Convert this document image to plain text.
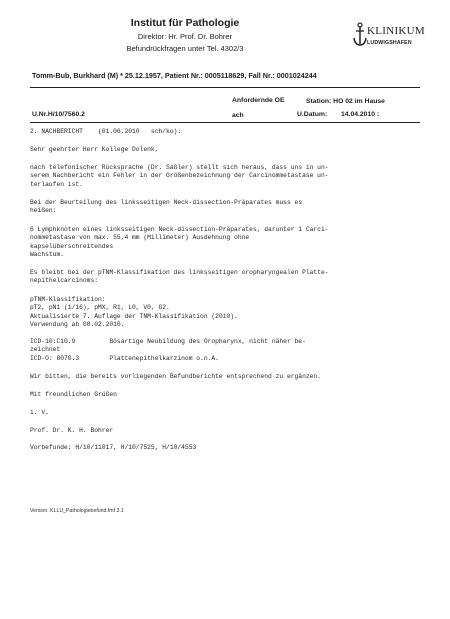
Institut für Pathologie
Direktor: Hr. Prof. Dr. Bohrer
Befundrückfragen unter Tel. 4302/3
KLINIKUM
LUDWIGSHAFEN
Tomm-Bub, Burkhard (M) * 25.12.1957, Patient Nr.: 0005118629, Fall Nr.: 0001024244
Anfordernde OE	Station: HO 02 im Hause
U.Nr.H/10/7560.2	ach	U.Datum: 14.04.2010 :
2. NACHBERICHT    (01.06.2010   sch/ko):
Sehr geehrter Herr Kollege Dolenk,
nach telefonischer Rücksprache (Dr. Säßler) stellt sich heraus, dass uns in un-
serem Nachbericht ein Fehler in der Größenbezeichnung der Carcinommetastase un-
terlaufen ist.
Bei der Beurteilung des linksseitigen Neck-dissection-Präparates muss es
heißen:
6 Lymphknoten eines linksseitigen Neck-dissection-Präparates, darunter 1 Carci-
nommetastase von max. 55,4 mm (Millimeter) Ausdehnung ohne
kapselüberschreitendes
Wachstum.
Es bleibt bei der pTNM-Klassifikation des linksseitigen oropharyngealen Platte-
nepithelcarcinoms:
pTNM-Klassifikation:
pT2, pN1 (1/16), pMX, R1, L0, V0, G2.
Aktualisierte 7. Auflage der TNM-Klassifikation (2010).
Verwendung ab 08.02.2010.
ICD-10:C10.9         Bösartige Neubildung des Oropharynx, nicht näher be-
zeichnet
ICD-O: 8070.3        Plattenepithelkarzinom o.n.A.
Wir bitten, die bereits vorliegenden Befundberichte entsprechend zu ergänzen.
Mit freundlichen Grüßen
i. V.
Prof. Dr. K. H. Bohrer
Vorbefunde: H/10/11017, H/10/7525, H/10/4553
Version: KLLU_Pathologiebefund.fmf 3.1
